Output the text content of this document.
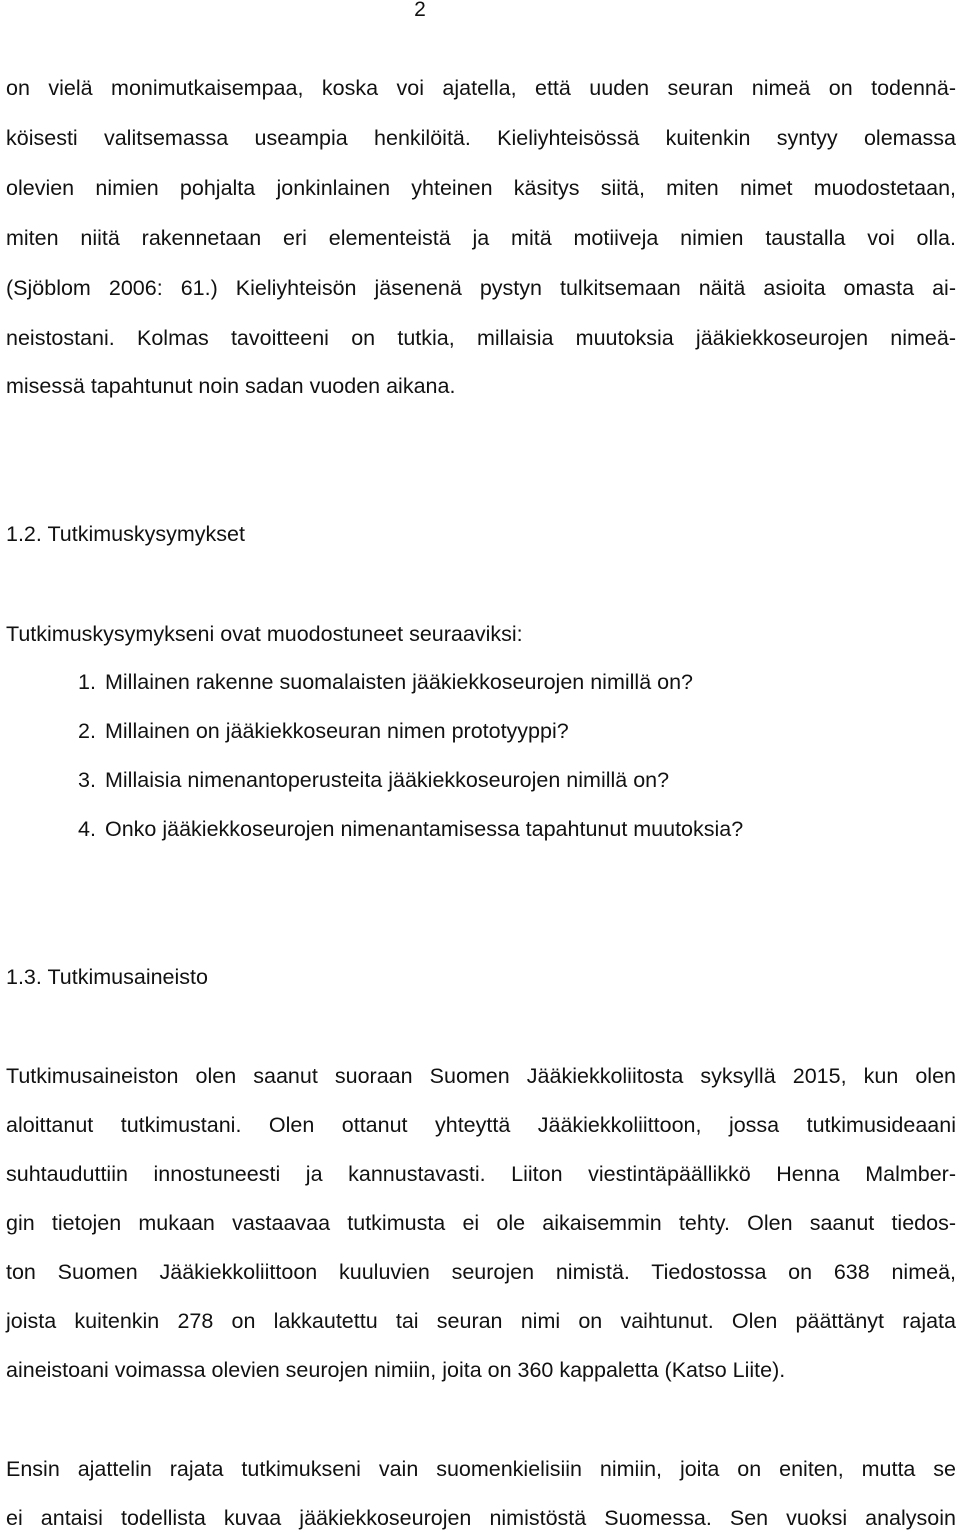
2
on vielä monimutkaisempaa, koska voi ajatella, että uuden seuran nimeä on todennä-
köisesti valitsemassa useampia henkilöitä. Kieliyhteisössä kuitenkin syntyy olemassa
olevien nimien pohjalta jonkinlainen yhteinen käsitys siitä, miten nimet muodostetaan,
miten niitä rakennetaan eri elementeistä ja mitä motiiveja nimien taustalla voi olla.
(Sjöblom 2006: 61.) Kieliyhteisön jäsenenä pystyn tulkitsemaan näitä asioita omasta ai-
neistostani. Kolmas tavoitteeni on tutkia, millaisia muutoksia jääkiekkoseurojen nimeä-
misessä tapahtunut noin sadan vuoden aikana.
1.2. Tutkimuskysymykset
Tutkimuskysymykseni ovat muodostuneet seuraaviksi:
1. Millainen rakenne suomalaisten jääkiekkoseurojen nimillä on?
2. Millainen on jääkiekkoseuran nimen prototyyppi?
3. Millaisia nimenantoperusteita jääkiekkoseurojen nimillä on?
4. Onko jääkiekkoseurojen nimenantamisessa tapahtunut muutoksia?
1.3. Tutkimusaineisto
Tutkimusaineiston olen saanut suoraan Suomen Jääkiekkoliitosta syksyllä 2015, kun olen
aloittanut tutkimustani. Olen ottanut yhteyttä Jääkiekkoliittoon, jossa tutkimusideaani
suhtauduttiin innostuneesti ja kannustavasti. Liiton viestintäpäällikkö Henna Malmber-
gin tietojen mukaan vastaavaa tutkimusta ei ole aikaisemmin tehty. Olen saanut tiedos-
ton Suomen Jääkiekkoliittoon kuuluvien seurojen nimistä. Tiedostossa on 638 nimeä,
joista kuitenkin 278 on lakkautettu tai seuran nimi on vaihtunut. Olen päättänyt rajata
aineistoani voimassa olevien seurojen nimiin, joita on 360 kappaletta (Katso Liite).
Ensin ajattelin rajata tutkimukseni vain suomenkielisiin nimiin, joita on eniten, mutta se
ei antaisi todellista kuvaa jääkiekkoseurojen nimistöstä Suomessa. Sen vuoksi analysoin
